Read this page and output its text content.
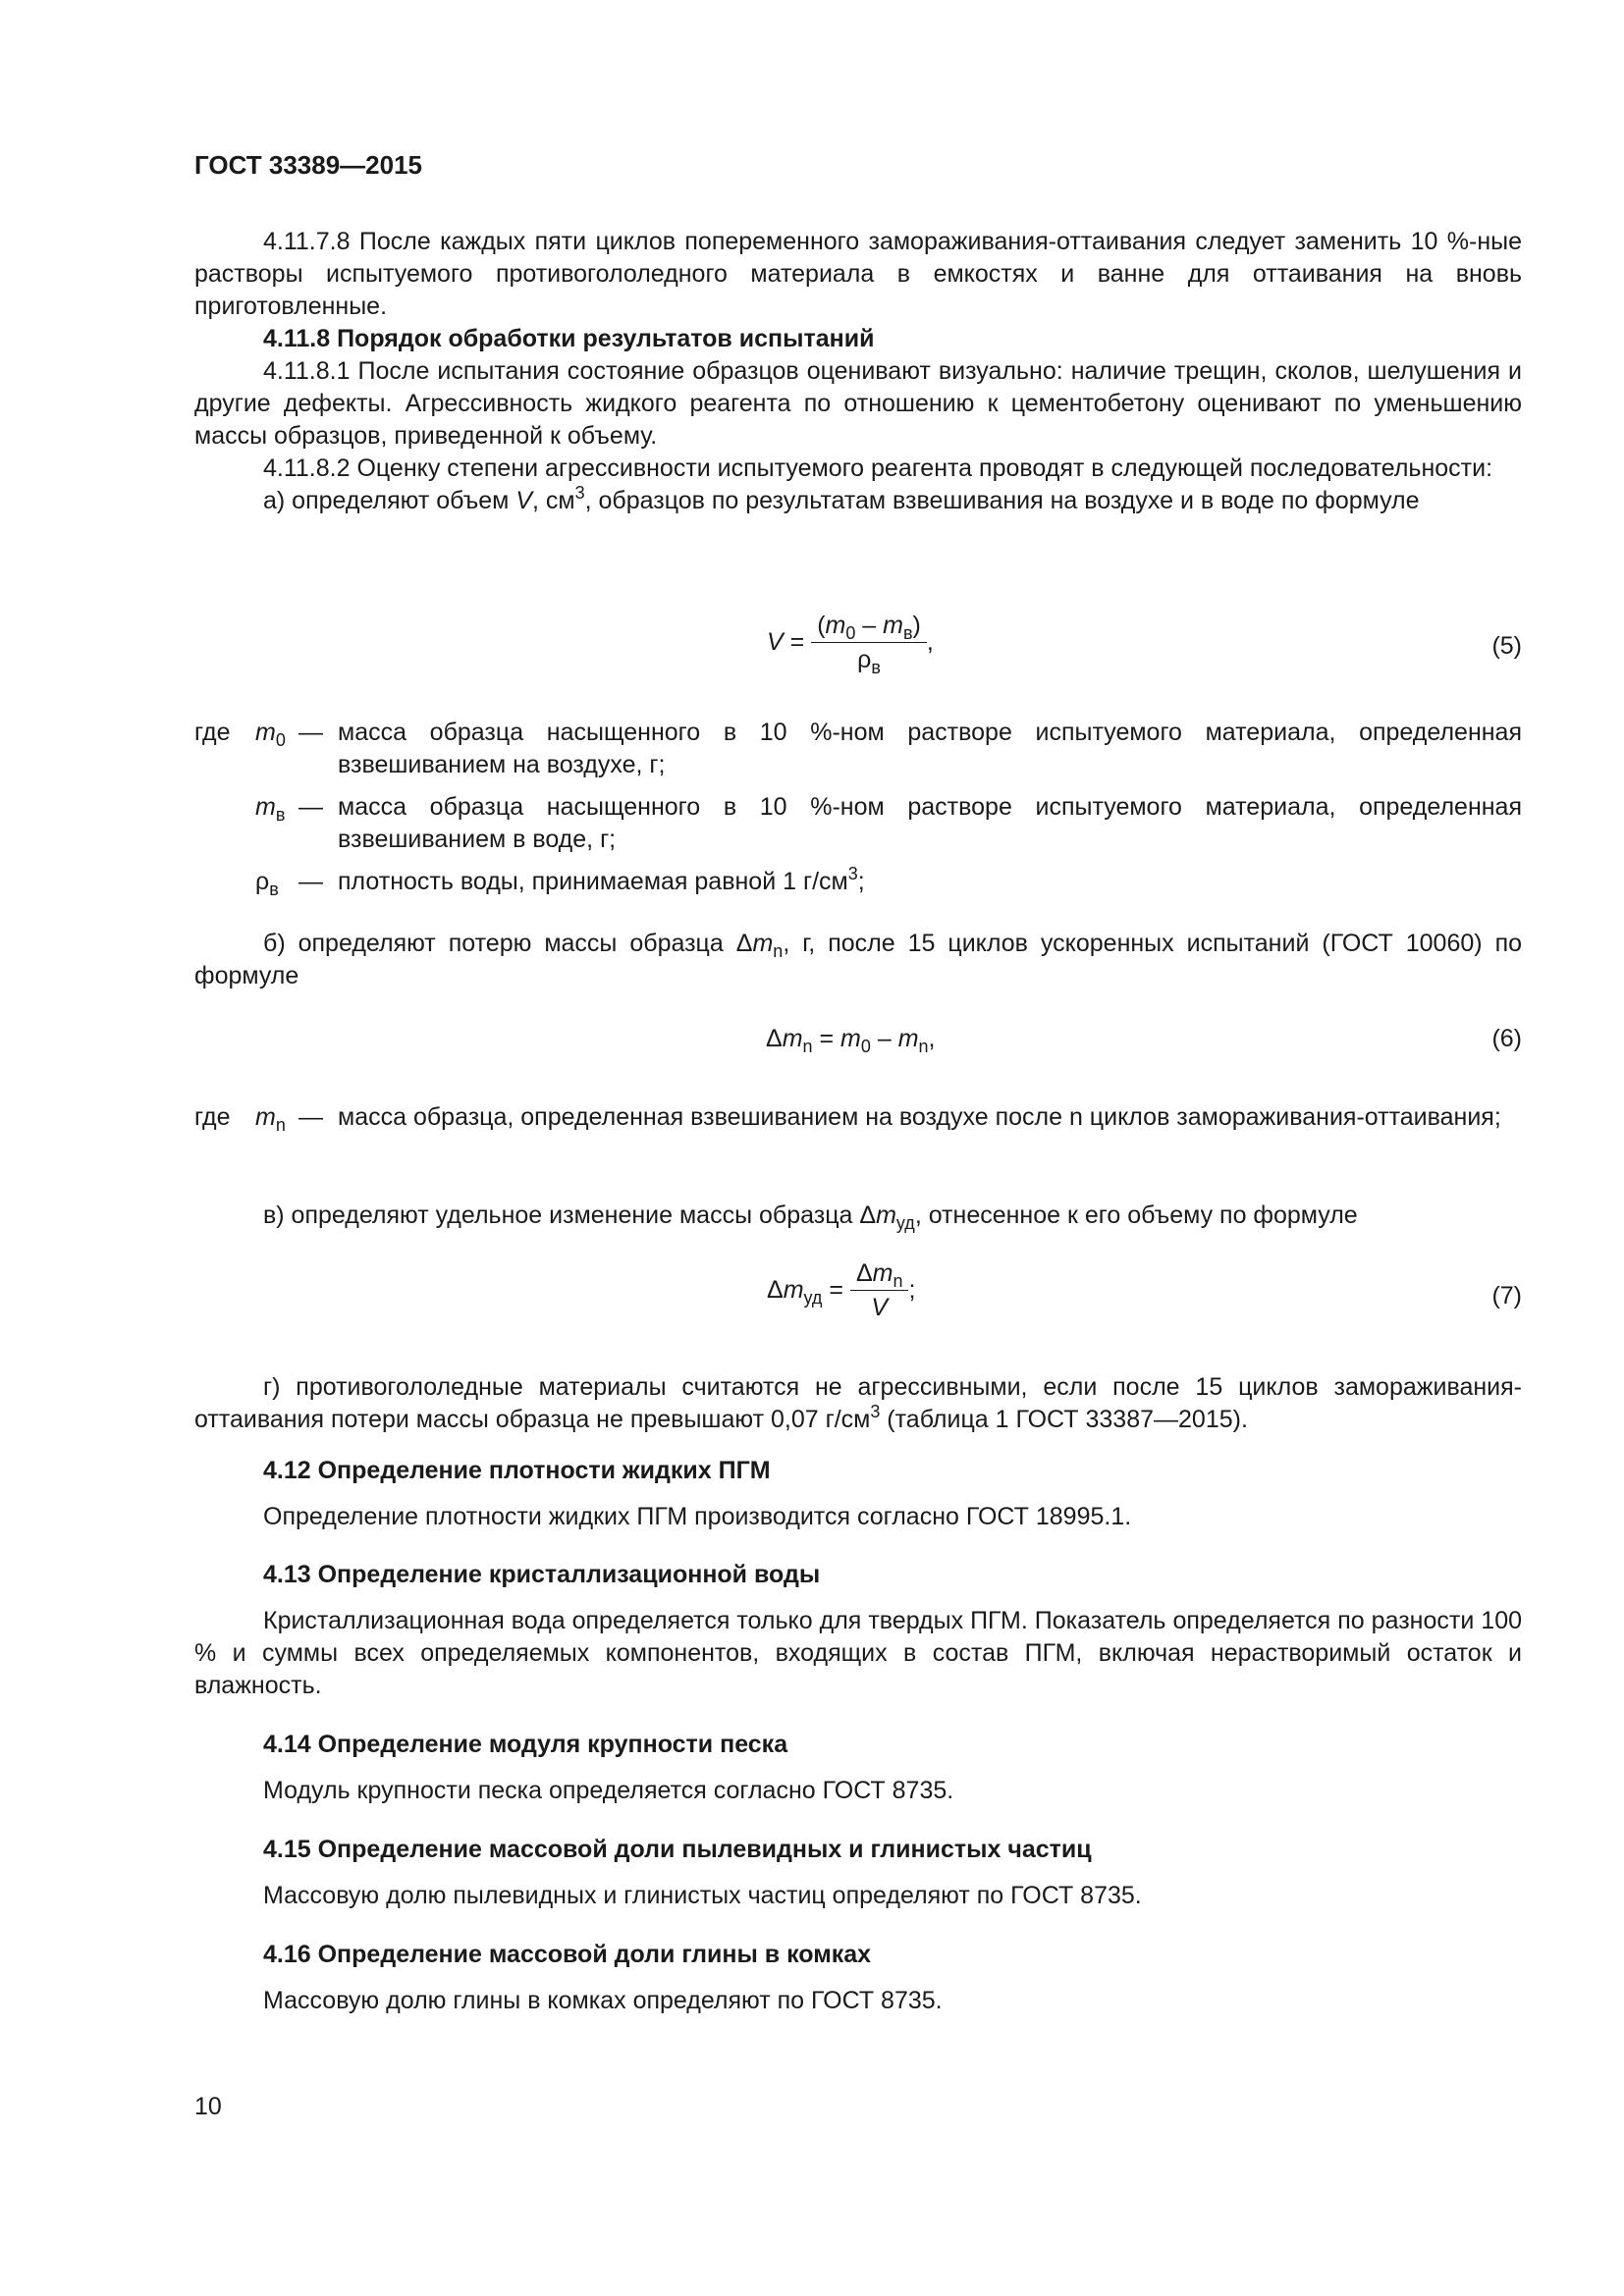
ГОСТ 33389—2015

4.11.7.8 После каждых пяти циклов попеременного замораживания-оттаивания следует заменить 10 %-ные растворы испытуемого противогололедного материала в емкостях и ванне для оттаивания на вновь приготовленные.

4.11.8 Порядок обработки результатов испытаний

4.11.8.1 После испытания состояние образцов оценивают визуально: наличие трещин, сколов, шелушения и другие дефекты. Агрессивность жидкого реагента по отношению к цементобетону оценивают по уменьшению массы образцов, приведенной к объему.

4.11.8.2 Оценку степени агрессивности испытуемого реагента проводят в следующей последовательности:

а) определяют объем V, $см^3$, образцов по результатам взвешивания на воздухе и в воде по формуле

$V = \frac{(m_0 - m_в)}{\rho_в}$ ,	(5)
где $m_0$ — масса образца насыщенного в 10 %-ном растворе испытуемого материала, определенная взвешиванием на воздухе, г;
$m_в$ — масса образца насыщенного в 10 %-ном растворе испытуемого материала, определенная взвешиванием в воде, г;
$\rho_в$ — плотность воды, принимаемая равной 1 $г/см^3$;

б) определяют потерю массы образца $\Delta m_n$, г, после 15 циклов ускоренных испытаний (ГОСТ 10060) по формуле

$\Delta m_n = m_0 - m_n$,	(6)
где $m_n$ — масса образца, определенная взвешиванием на воздухе после n циклов замораживания-оттаивания;

в) определяют удельное изменение массы образца $\Delta m_{уд}$, отнесенное к его объему по формуле

$\Delta m_{уд} = \frac{\Delta m_n}{V}$ ;	(7)

г) противогололедные материалы считаются не агрессивными, если после 15 циклов замораживания-оттаивания потери массы образца не превышают 0,07 $г/см^3$ (таблица 1 ГОСТ 33387—2015).

4.12 Определение плотности жидких ПГМ

Определение плотности жидких ПГМ производится согласно ГОСТ 18995.1.

4.13 Определение кристаллизационной воды

Кристаллизационная вода определяется только для твердых ПГМ. Показатель определяется по разности 100 % и суммы всех определяемых компонентов, входящих в состав ПГМ, включая нерастворимый остаток и влажность.

4.14 Определение модуля крупности песка

Модуль крупности песка определяется согласно ГОСТ 8735.

4.15 Определение массовой доли пылевидных и глинистых частиц

Массовую долю пылевидных и глинистых частиц определяют по ГОСТ 8735.

4.16 Определение массовой доли глины в комках

Массовую долю глины в комках определяют по ГОСТ 8735.

10
